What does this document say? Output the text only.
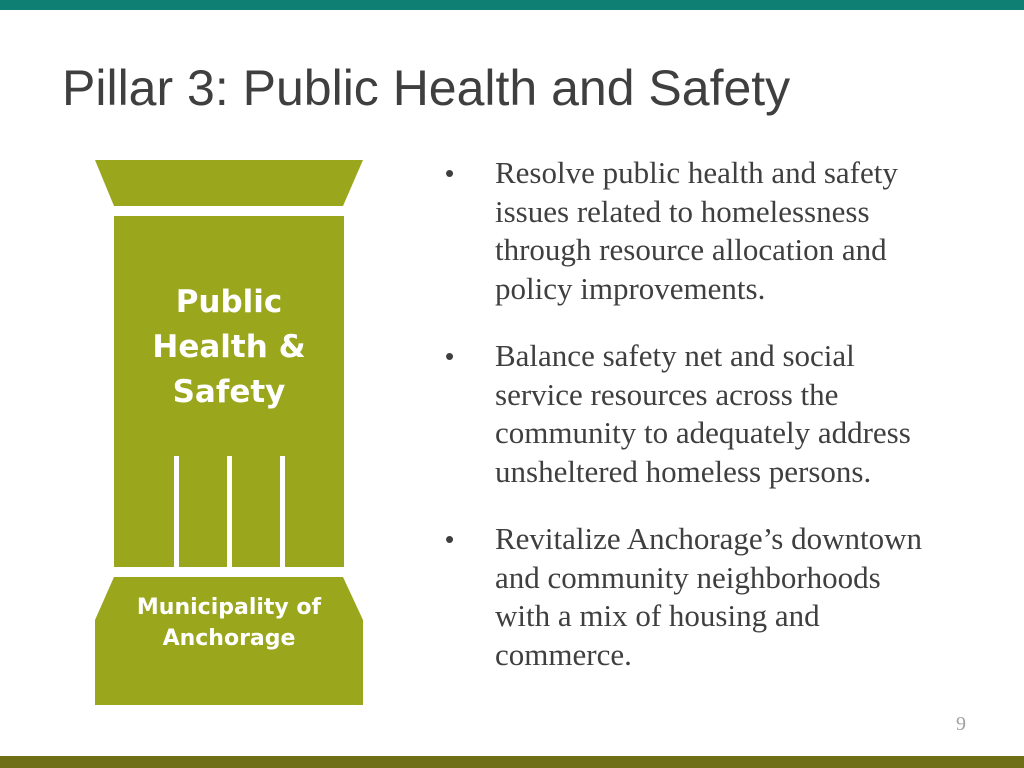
Pillar 3: Public Health and Safety
Public
Health &
Safety
Municipality of
Anchorage
• Resolve public health and safety
issues related to homelessness
through resource allocation and
policy improvements.
• Balance safety net and social
service resources across the
community to adequately address
unsheltered homeless persons.
• Revitalize Anchorage’s downtown
and community neighborhoods
with a mix of housing and
commerce.
9
